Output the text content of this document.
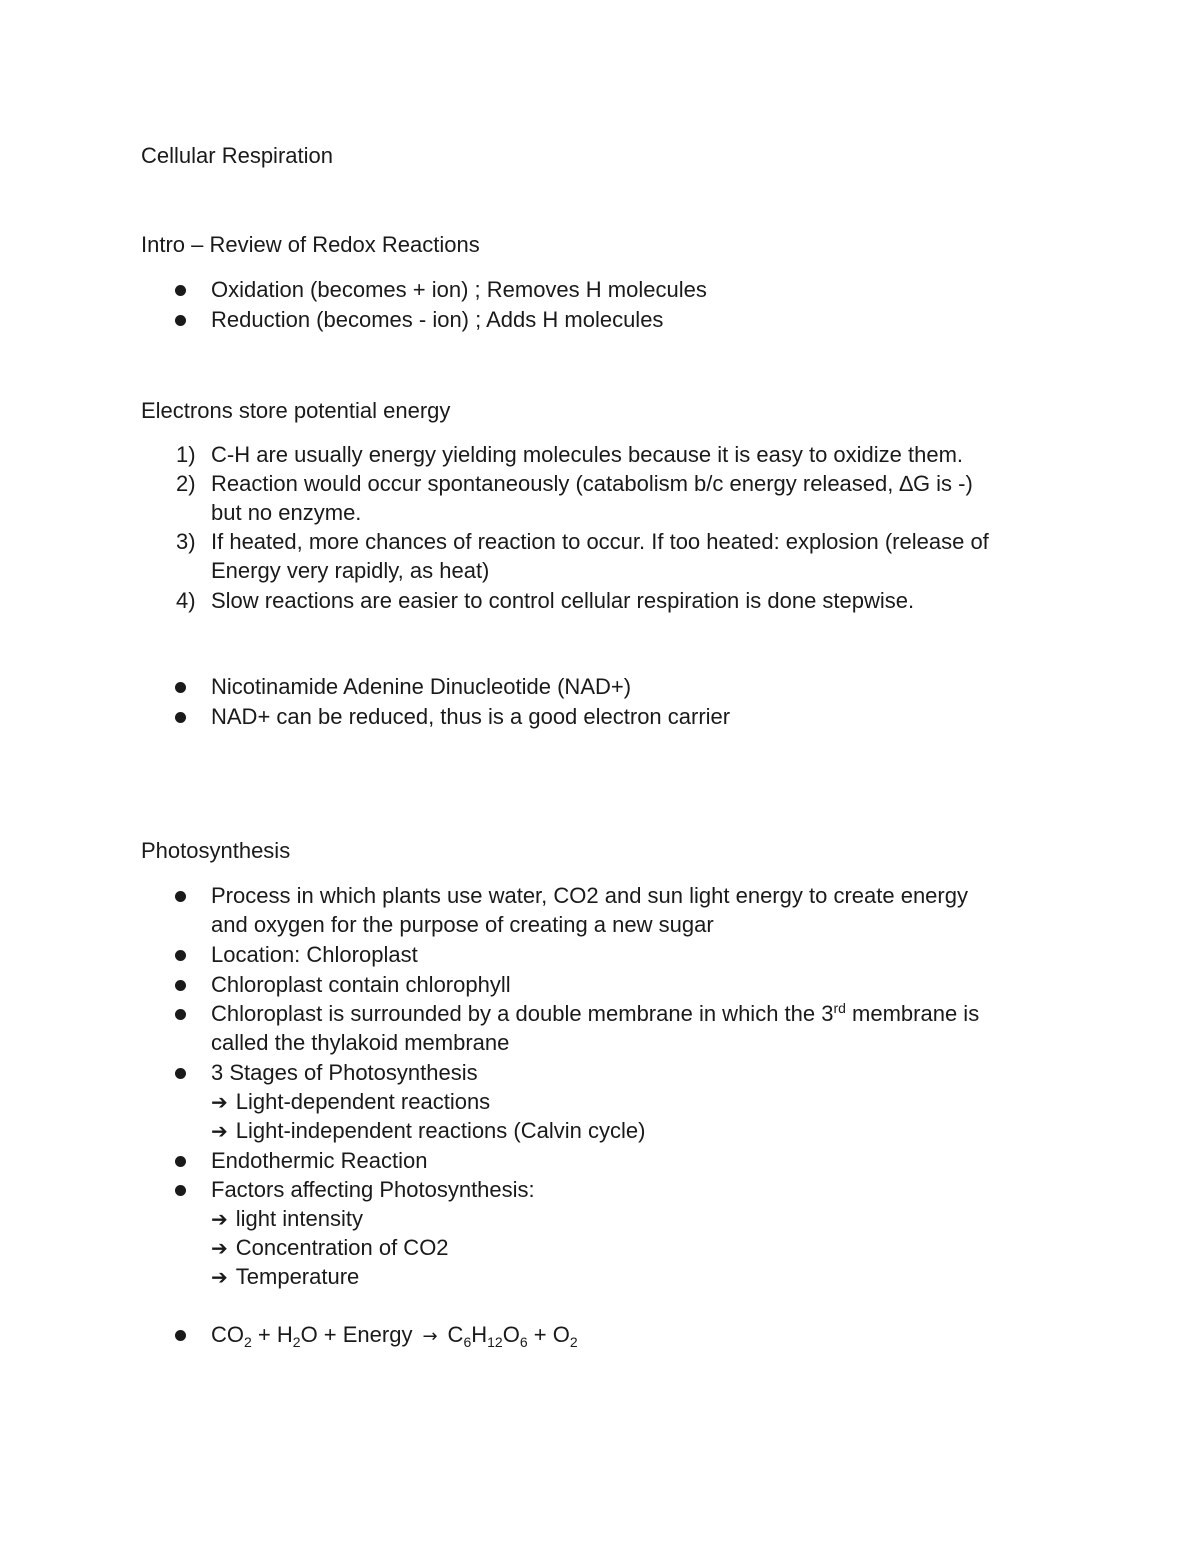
Cellular Respiration
Intro – Review of Redox Reactions
Oxidation (becomes + ion) ; Removes H molecules
Reduction (becomes - ion) ; Adds H molecules
Electrons store potential energy
1) C-H are usually energy yielding molecules because it is easy to oxidize them.
2) Reaction would occur spontaneously (catabolism b/c energy released, ∆G is -)
but no enzyme.
3) If heated, more chances of reaction to occur. If too heated: explosion (release of
Energy very rapidly, as heat)
4) Slow reactions are easier to control cellular respiration is done stepwise.
Nicotinamide Adenine Dinucleotide (NAD+)
NAD+ can be reduced, thus is a good electron carrier
Photosynthesis
Process in which plants use water, CO2 and sun light energy to create energy
and oxygen for the purpose of creating a new sugar
Location: Chloroplast
Chloroplast contain chlorophyll
Chloroplast is surrounded by a double membrane in which the 3rd membrane is
called the thylakoid membrane
3 Stages of Photosynthesis
➔ Light-dependent reactions
➔ Light-independent reactions (Calvin cycle)
Endothermic Reaction
Factors affecting Photosynthesis:
➔ light intensity
➔ Concentration of CO2
➔ Temperature
$CO_2 + H_2O$ + Energy → $C_6H_{12}O_6 + O_2$
